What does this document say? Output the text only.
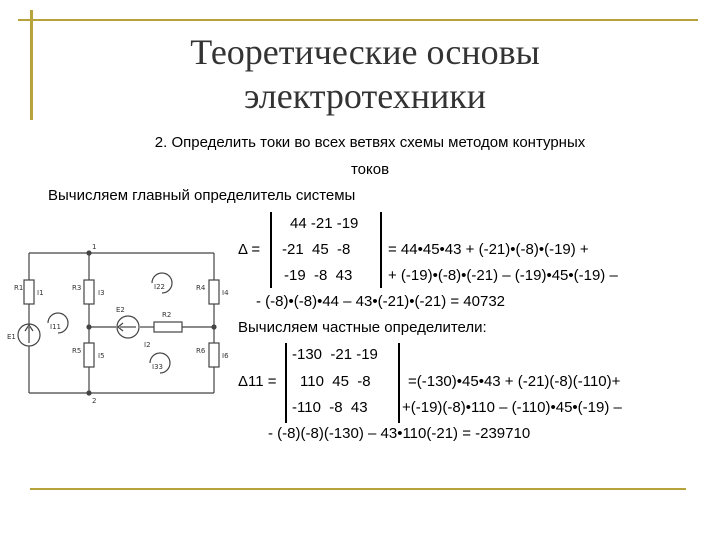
Теоретические основы
электротехники
2. Определить токи во всех ветвях схемы методом контурных
токов
Вычисляем главный определитель системы
Δ =
44 -21 -19
-21  45  -8
-19  -8  43
= 44•45•43 + (-21)•(-8)•(-19) +
+ (-19)•(-8)•(-21) – (-19)•45•(-19) –
- (-8)•(-8)•44 – 43•(-21)•(-21) = 40732
Вычисляем частные определители:
Δ11 =
-130  -21 -19
110  45  -8
-110  -8  43
=(-130)•45•43 + (-21)(-8)(-110)+
+(-19)(-8)•110 – (-110)•45•(-19) –
- (-8)(-8)(-130) – 43•110(-21) = -239710
R1	R3
R5
R4
R6
R2
E1
E2
I1	I3
I5
I4
I6
I2
I11
I22
I33
1
2
